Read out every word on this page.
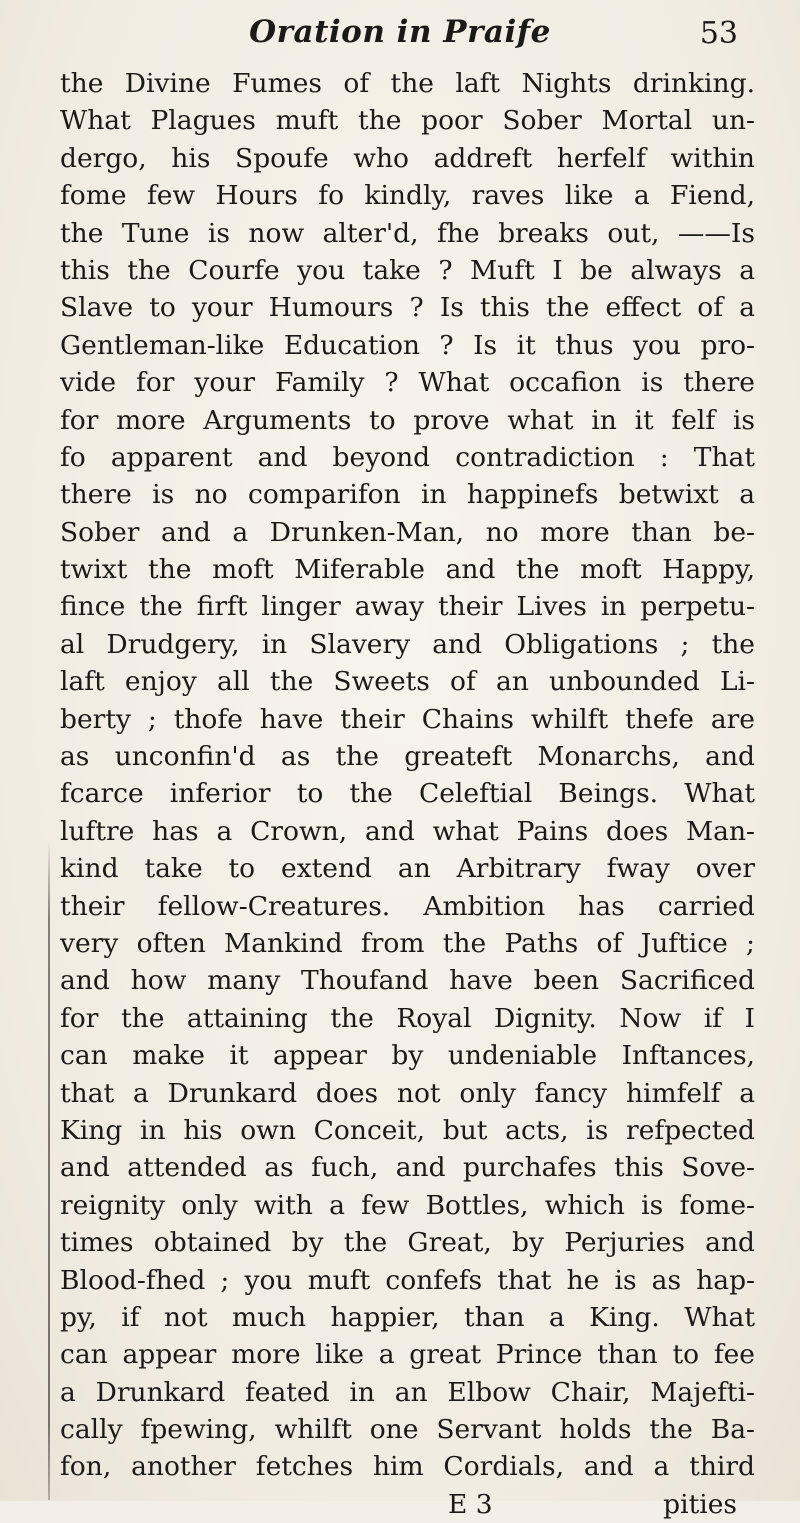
Oration in Praife	53
the Divine Fumes of the laft Nights drinking.
What Plagues muft the poor Sober Mortal un-
dergo, his Spoufe who addreft herfelf within
fome few Hours fo kindly, raves like a Fiend,
the Tune is now alter'd, fhe breaks out, ——Is
this the Courfe you take ? Muft I be always a
Slave to your Humours ? Is this the effect of a
Gentleman-like Education ? Is it thus you pro-
vide for your Family ? What occafion is there
for more Arguments to prove what in it felf is
fo apparent and beyond contradiction : That
there is no comparifon in happinefs betwixt a
Sober and a Drunken-Man, no more than be-
twixt the moft Miferable and the moft Happy,
fince the firft linger away their Lives in perpetu-
al Drudgery, in Slavery and Obligations ; the
laft enjoy all the Sweets of an unbounded Li-
berty ; thofe have their Chains whilft thefe are
as unconfin'd as the greateft Monarchs, and
fcarce inferior to the Celeftial Beings. What
luftre has a Crown, and what Pains does Man-
kind take to extend an Arbitrary fway over
their fellow-Creatures. Ambition has carried
very often Mankind from the Paths of Juftice ;
and how many Thoufand have been Sacrificed
for the attaining the Royal Dignity. Now if I
can make it appear by undeniable Inftances,
that a Drunkard does not only fancy himfelf a
King in his own Conceit, but acts, is refpected
and attended as fuch, and purchafes this Sove-
reignity only with a few Bottles, which is fome-
times obtained by the Great, by Perjuries and
Blood-fhed ; you muft confefs that he is as hap-
py, if not much happier, than a King. What
can appear more like a great Prince than to fee
a Drunkard feated in an Elbow Chair, Majefti-
cally fpewing, whilft one Servant holds the Ba-
fon, another fetches him Cordials, and a third
E 3	pities
